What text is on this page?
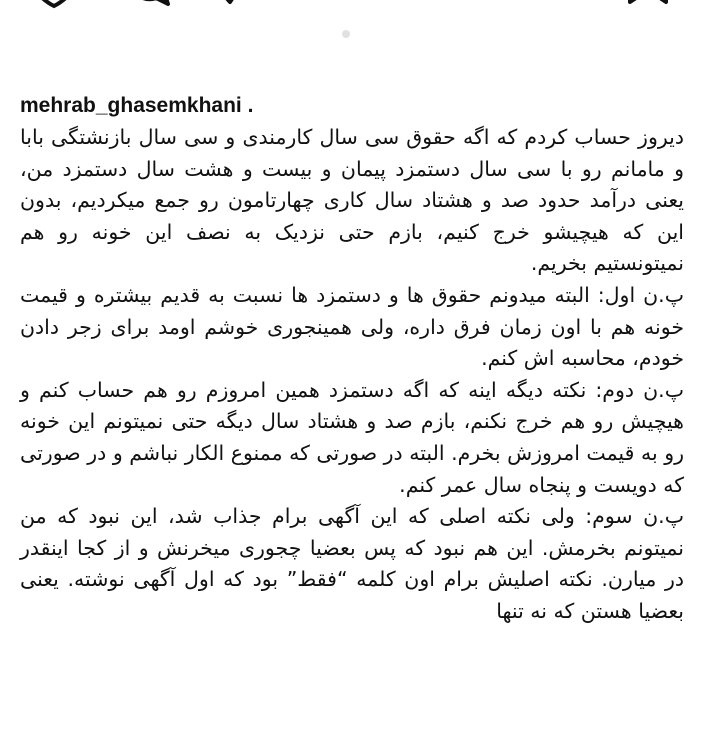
mehrab_ghasemkhani .

دیروز حساب کردم که اگه حقوق سی سال کارمندی و سی سال بازنشتگی بابا و مامانم رو با سی سال دستمزد پیمان و بیست و هشت سال دستمزد من، یعنی درآمد حدود صد و هشتاد سال کاری چهارتامون رو جمع میکردیم، بدون این که هیچیشو خرج کنیم، بازم حتی نزدیک به نصف این خونه رو هم نمیتونستیم بخریم.

پ.ن اول: البته میدونم حقوق ها و دستمزد ها نسبت به قدیم بیشتره و قیمت خونه هم با اون زمان فرق داره، ولی همینجوری خوشم اومد برای زجر دادن خودم، محاسبه اش کنم.

پ.ن دوم: نکته دیگه اینه که اگه دستمزد همین امروزم رو هم حساب کنم و هیچیش رو هم خرج نکنم، بازم صد و هشتاد سال دیگه حتی نمیتونم این خونه رو به قیمت امروزش بخرم. البته در صورتی که ممنوع الکار نباشم و در صورتی که دویست و پنجاه سال عمر کنم.

پ.ن سوم: ولی نکته اصلی که این آگهی برام جذاب شد، این نبود که من نمیتونم بخرمش. این هم نبود که پس بعضیا چجوری میخرنش و از کجا اینقدر در میارن. نکته اصلیش برام اون کلمه “فقط” بود که اول آگهی نوشته. یعنی بعضیا هستن که نه تنها
